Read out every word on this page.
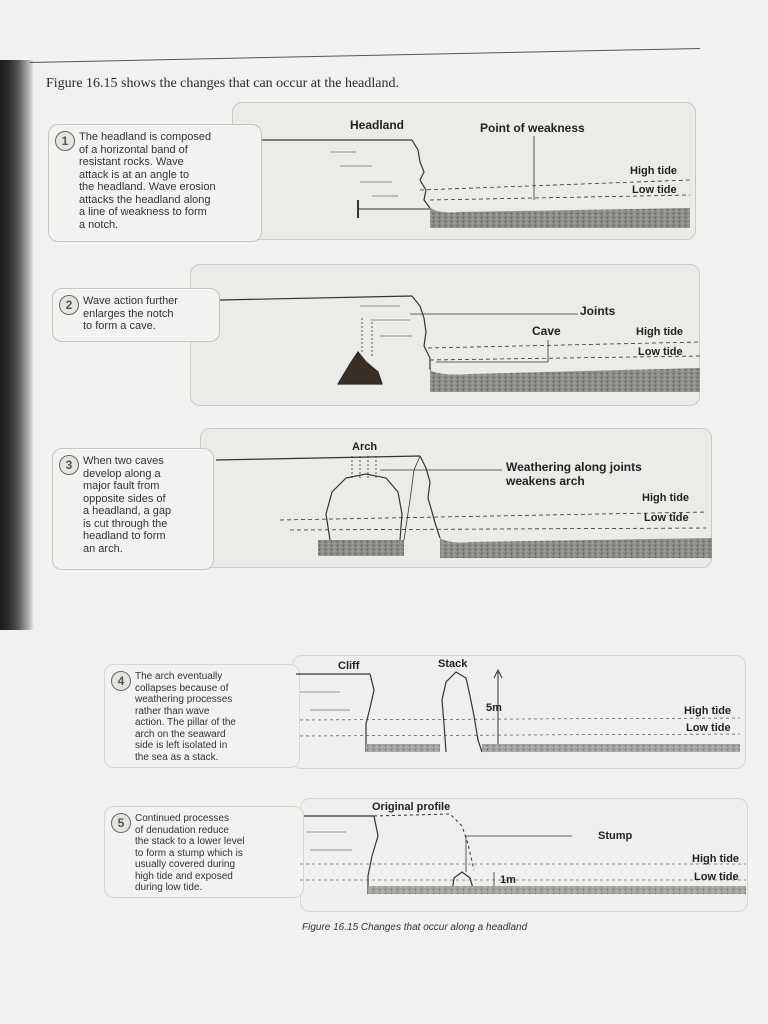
Figure 16.15 shows the changes that can occur at the headland.
1 The headland is composed
of a horizontal band of
resistant rocks. Wave
attack is at an angle to
the headland. Wave erosion
attacks the headland along
a line of weakness to form
a notch.
2 Wave action further
enlarges the notch
to form a cave.
3 When two caves
develop along a
major fault from
opposite sides of
a headland, a gap
is cut through the
headland to form
an arch.
4	The arch eventually
collapses because of
weathering processes
rather than wave
action. The pillar of the
arch on the seaward
side is left isolated in
the sea as a stack.
5	Continued processes
of denudation reduce
the stack to a lower level
to form a stump which is
usually covered during
high tide and exposed
during low tide.
Headland	Point of weakness
High tide
Low tide
Joints
Cave	High tide
Low tide
Arch
Weathering along joints
weakens arch
High tide
Low tide
Cliff	Stack
5m	High tide
Low tide
Original profile
Stump
1m
High tide
Low tide
Figure 16.15 Changes that occur along a headland
